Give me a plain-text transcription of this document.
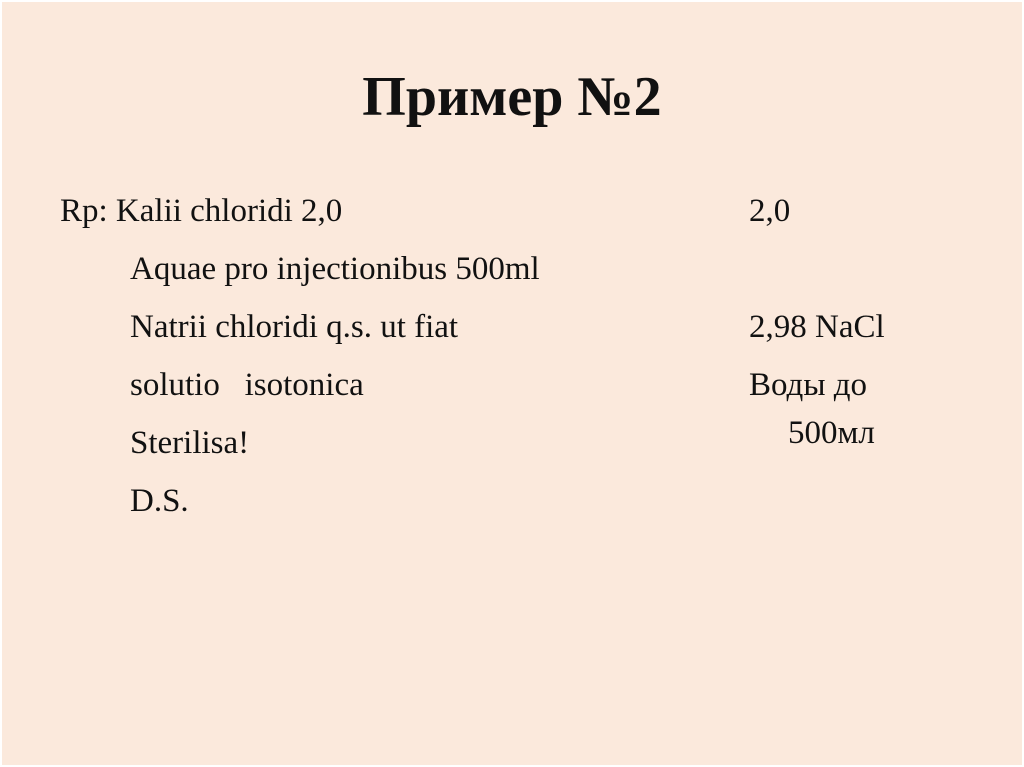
Пример №2
Rp: Kalii chloridi 2,0
Aquae pro injectionibus 500ml
Natrii chloridi q.s. ut fiat
solutio   isotonica
Sterilisa!
D.S.
2,0
2,98 NaCl
Воды до
500мл
